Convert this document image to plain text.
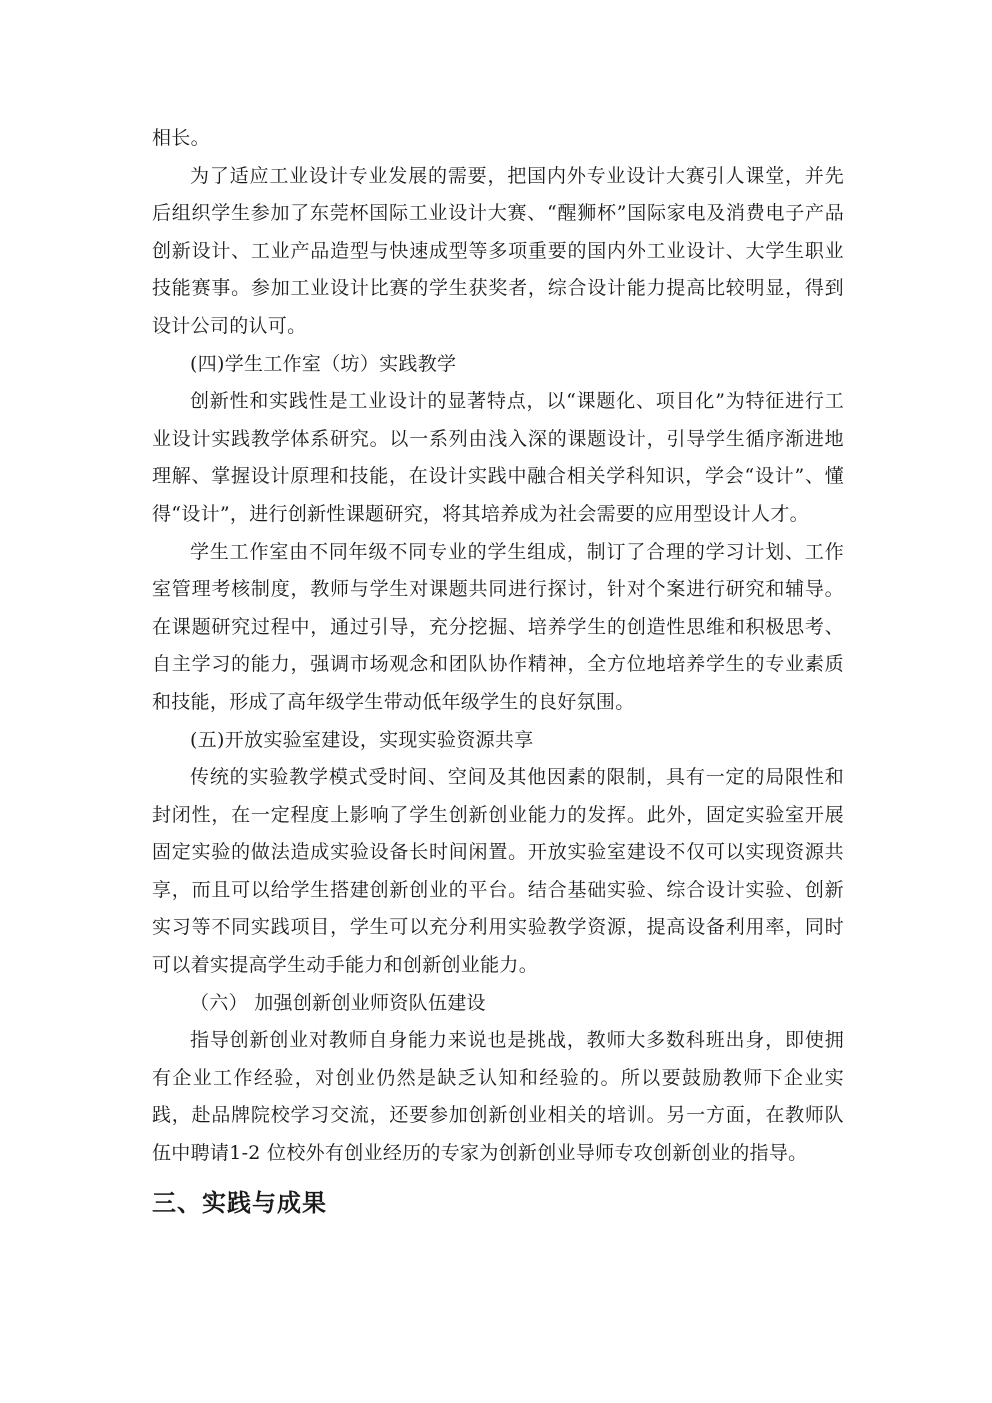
相长。

为了适应工业设计专业发展的需要，把国内外专业设计大赛引人课堂，并先后组织学生参加了东莞杯国际工业设计大赛、“醒狮杯”国际家电及消费电子产品创新设计、工业产品造型与快速成型等多项重要的国内外工业设计、大学生职业技能赛事。参加工业设计比赛的学生获奖者，综合设计能力提高比较明显，得到设计公司的认可。

(四)学生工作室（坊）实践教学

创新性和实践性是工业设计的显著特点，以“课题化、项目化”为特征进行工业设计实践教学体系研究。以一系列由浅入深的课题设计，引导学生循序渐进地理解、掌握设计原理和技能，在设计实践中融合相关学科知识，学会“设计”、懂得“设计”，进行创新性课题研究，将其培养成为社会需要的应用型设计人才。

学生工作室由不同年级不同专业的学生组成，制订了合理的学习计划、工作室管理考核制度，教师与学生对课题共同进行探讨，针对个案进行研究和辅导。在课题研究过程中，通过引导，充分挖掘、培养学生的创造性思维和积极思考、自主学习的能力，强调市场观念和团队协作精神，全方位地培养学生的专业素质和技能，形成了高年级学生带动低年级学生的良好氛围。

(五)开放实验室建设，实现实验资源共享

传统的实验教学模式受时间、空间及其他因素的限制，具有一定的局限性和封闭性，在一定程度上影响了学生创新创业能力的发挥。此外，固定实验室开展固定实验的做法造成实验设备长时间闲置。开放实验室建设不仅可以实现资源共享，而且可以给学生搭建创新创业的平台。结合基础实验、综合设计实验、创新实习等不同实践项目，学生可以充分利用实验教学资源，提高设备利用率，同时可以着实提高学生动手能力和创新创业能力。

（六） 加强创新创业师资队伍建设

指导创新创业对教师自身能力来说也是挑战，教师大多数科班出身，即使拥有企业工作经验，对创业仍然是缺乏认知和经验的。所以要鼓励教师下企业实践，赴品牌院校学习交流，还要参加创新创业相关的培训。另一方面，在教师队伍中聘请1-2 位校外有创业经历的专家为创新创业导师专攻创新创业的指导。

三、实践与成果
